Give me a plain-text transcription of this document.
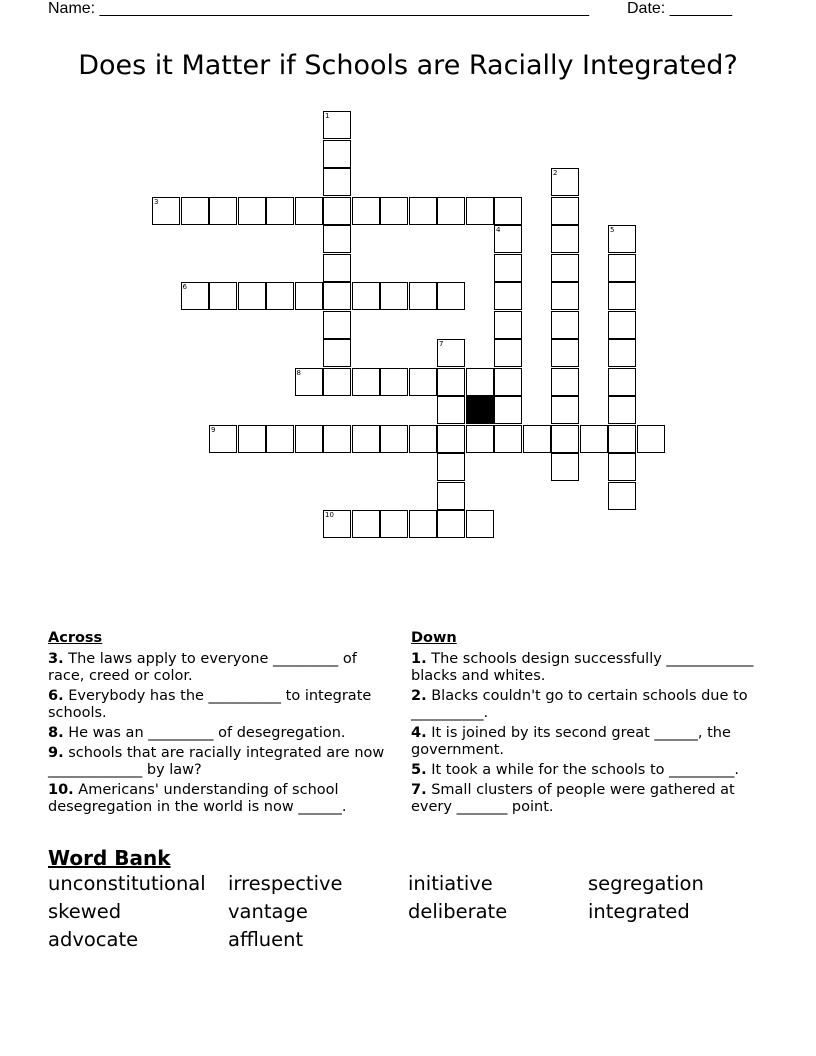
Name: _______________________________________________________ Date: _______
Does it Matter if Schools are Racially Integrated?
1
2
3
4	5
6
7
8
9
10
Across
3. The laws apply to everyone _________ of race, creed or color.
6. Everybody has the __________ to integrate schools.
8. He was an _________ of desegregation.
9. schools that are racially integrated are now _____________ by law?
10. Americans' understanding of school desegregation in the world is now ______.
Down
1. The schools design successfully ____________ blacks and whites.
2. Blacks couldn't go to certain schools due to __________.
4. It is joined by its second great ______, the government.
5. It took a while for the schools to _________.
7. Small clusters of people were gathered at every _______ point.
Word Bank
unconstitutional	irrespective	initiative	segregation
skewed	vantage	deliberate	integrated
advocate	affluent
